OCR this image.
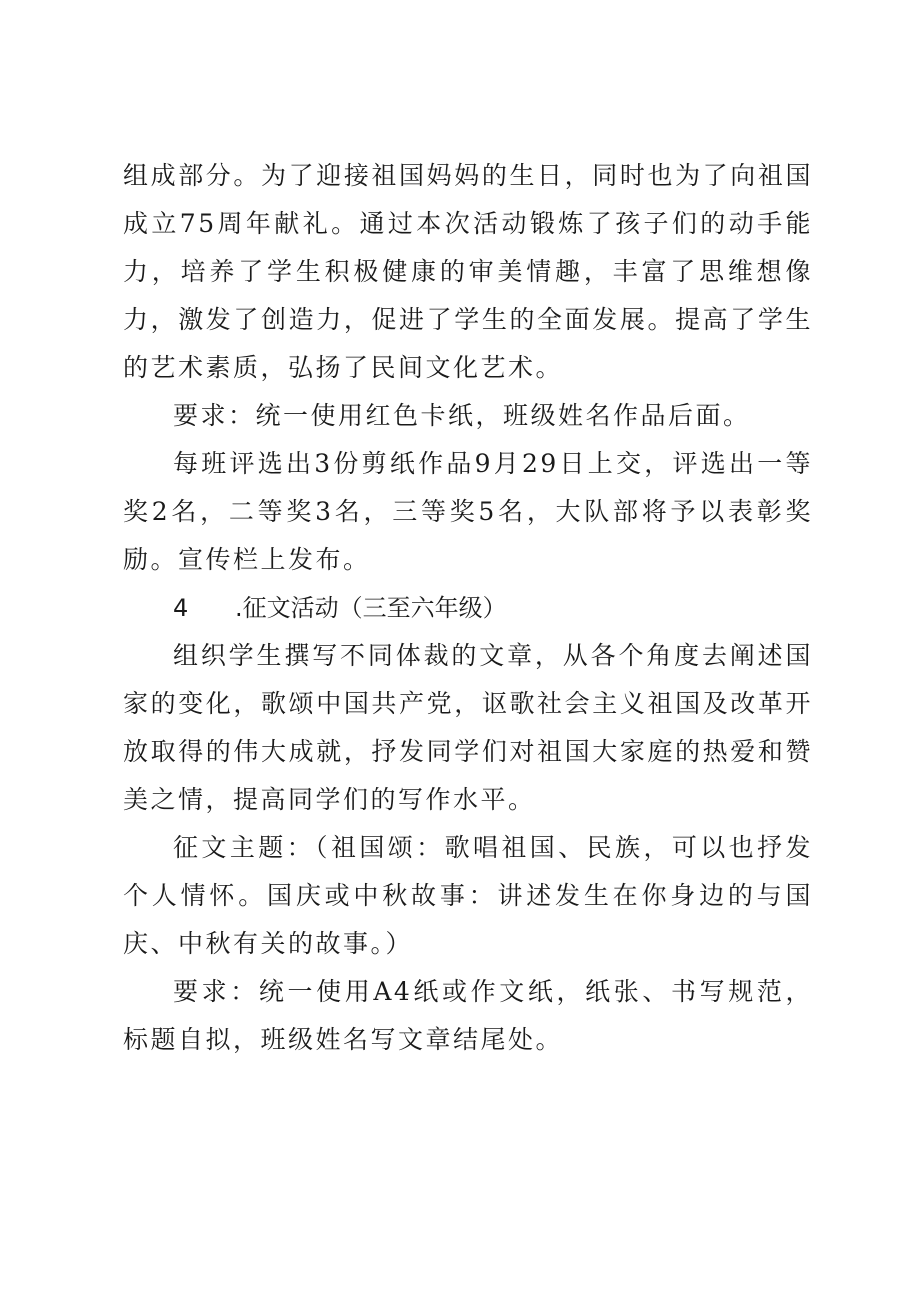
组成部分。为了迎接祖国妈妈的生日，同时也为了向祖国成立75周年献礼。通过本次活动锻炼了孩子们的动手能力，培养了学生积极健康的审美情趣，丰富了思维想像力，激发了创造力，促进了学生的全面发展。提高了学生的艺术素质，弘扬了民间文化艺术。

要求：统一使用红色卡纸，班级姓名作品后面。

每班评选出3份剪纸作品9月29日上交，评选出一等奖2名，二等奖3名，三等奖5名，大队部将予以表彰奖励。宣传栏上发布。

4 .征文活动（三至六年级）

组织学生撰写不同体裁的文章，从各个角度去阐述国家的变化，歌颂中国共产党，讴歌社会主义祖国及改革开放取得的伟大成就，抒发同学们对祖国大家庭的热爱和赞美之情，提高同学们的写作水平。

征文主题：（祖国颂：歌唱祖国、民族，可以也抒发个人情怀。国庆或中秋故事：讲述发生在你身边的与国庆、中秋有关的故事。）

要求：统一使用A4纸或作文纸，纸张、书写规范，标题自拟，班级姓名写文章结尾处。
